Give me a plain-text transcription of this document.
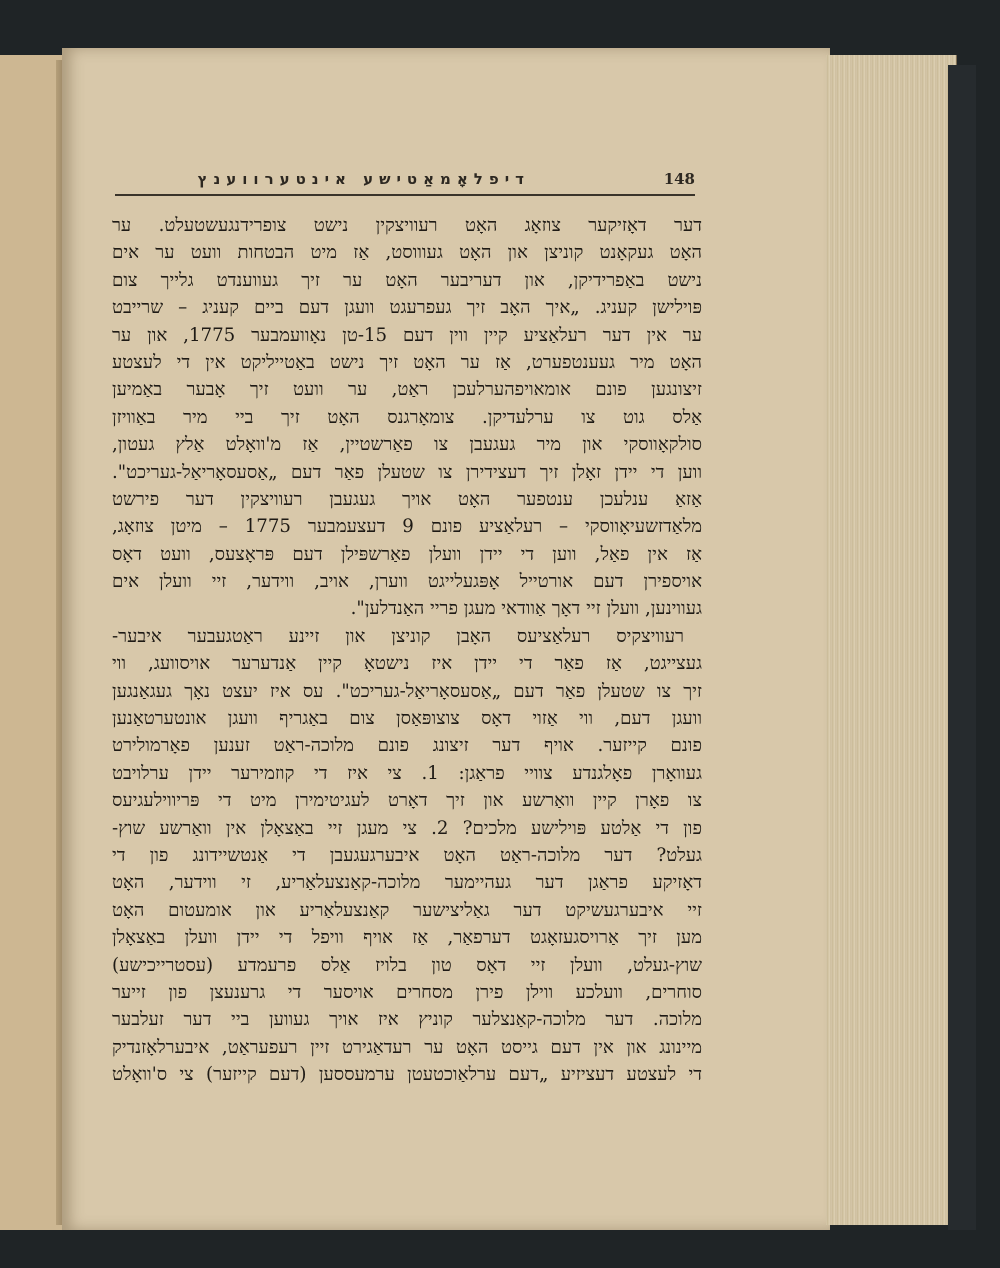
דיפלאָמאַטישע אינטערווענץ	148
דער דאָזיקער צוזאָג האָט רעוויצקין נישט צופרידנגעשטעלט. ער
האָט געקאָנט קוניצן און האָט געוווסט, אַז מיט הבטחות וועט ער אים
נישט באַפרידיקן, און דעריבער האָט ער זיך געווענדט גלייך צום
פּוילישן קעניג. „איך האָב זיך געפרעגט וועגן דעם ביים קעניג – שרייבט
ער אין דער רעלאַציע קיין ווין דעם 15-טן נאָוועמבער 1775, און ער
האָט מיר געענטפערט, אַז ער האָט זיך נישט באַטייליקט אין די לעצטע
זיצונגען פונם אומאויפהערלעכן ראַט, ער וועט זיך אָבער באַמיען
אַלס גוט צו ערלעדיקן. צומאָרגנס האָט זיך ביי מיר באַוויזן
סולקאָווסקי און מיר געגעבן צו פאַרשטיין, אַז מ'וואָלט אַלץ געטון,
ווען די יידן זאָלן זיך דעצידירן צו שטעלן פאַר דעם „אַסעסאָריאַל-געריכט".
אַזאַ ענלעכן ענטפער האָט אויך געגעבן רעוויצקין דער פירשט
מלאַדזשעיאָווסקי – רעלאַציע פונם 9 דעצעמבער 1775 – מיטן צוזאָג,
אַז אין פאַל, ווען די יידן וועלן פאַרשפּילן דעם פּראָצעס, וועט דאָס
אויספירן דעם אורטייל אָפּגעלייגט ווערן, אויב, ווידער, זיי וועלן אים
געווינען, וועלן זיי דאָך אַוודאי מעגן פריי האַנדלען".
רעוויצקיס רעלאַציעס האָבן קוניצן און זיינע ראַטגעבער איבער-
געצייגט, אַז פאַר די יידן איז נישטאָ קיין אַנדערער אויסוועג, ווי
זיך צו שטעלן פאַר דעם „אַסעסאָריאַל-געריכט". עס איז יעצט נאָך געגאַנגען
וועגן דעם, ווי אַזוי דאָס צוצופּאַסן צום באַגריף וועגן אונטערטאַנען
פונם קייזער. אויף דער זיצונג פונם מלוכה-ראַט זענען פאָרמולירט
געוואָרן פאָלגנדע צוויי פראַגן: 1. צי איז די קוזמירער יידן ערלויבט
צו פאָרן קיין וואַרשע און זיך דאָרט לעגיטימירן מיט די פּריווילעגיעס
פון די אַלטע פּוילישע מלכים? 2. צי מעגן זיי באַצאָלן אין וואַרשע שוץ-
געלט? דער מלוכה-ראַט האָט איבערגעגעבן די אַנטשיידונג פון די
דאָזיקע פראַגן דער געהיימער מלוכה-קאַנצעלאַריע, זי ווידער, האָט
זיי איבערגעשיקט דער גאַליצישער קאַנצעלאַריע און אומעטום האָט
מען זיך אַרויסגעזאָגט דערפאַר, אַז אויף וויפל די יידן וועלן באַצאָלן
שוץ-געלט, וועלן זיי דאָס טון בלויז אַלס פרעמדע (עסטרייכישע)
סוחרים, וועלכע ווילן פירן מסחרים אויסער די גרענעצן פון זייער
מלוכה. דער מלוכה-קאַנצלער קוניץ איז אויך געווען ביי דער זעלבער
מיינונג און אין דעם גייסט האָט ער רעדאַגירט זיין רעפעראַט, איבערלאָזנדיק
די לעצטע דעציזיע „דעם ערלאַוכטעטן ערמעססען (דעם קייזער) צי ס'וואָלט
